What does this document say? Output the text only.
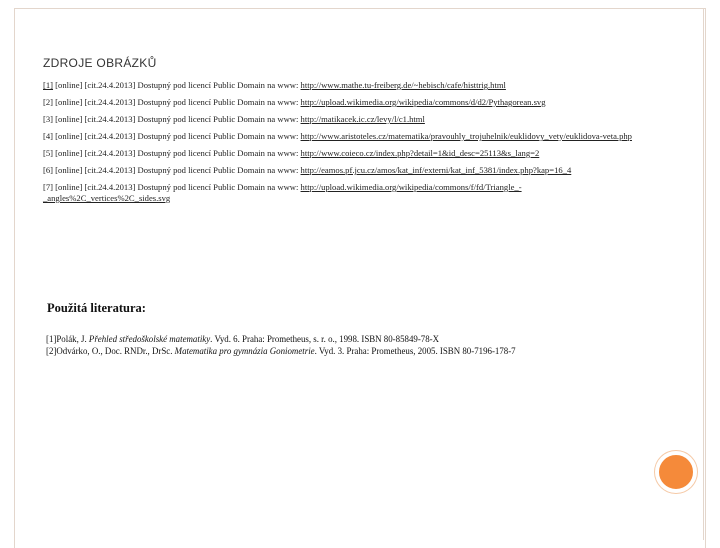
ZDROJE OBRÁZKŮ

[1] [online] [cit.24.4.2013] Dostupný pod licencí Public Domain na www: http://www.mathe.tu-freiberg.de/~hebisch/cafe/histtrig.html

[2] [online] [cit.24.4.2013] Dostupný pod licencí Public Domain na www: http://upload.wikimedia.org/wikipedia/commons/d/d2/Pythagorean.svg

[3] [online] [cit.24.4.2013] Dostupný pod licencí Public Domain na www: http://matikacek.ic.cz/levy/l/c1.html

[4] [online] [cit.24.4.2013] Dostupný pod licencí Public Domain na www: http://www.aristoteles.cz/matematika/pravouhly_trojuhelnik/euklidovy_vety/euklidova-veta.php

[5] [online] [cit.24.4.2013] Dostupný pod licencí Public Domain na www: http://www.coieco.cz/index.php?detail=1&id_desc=25113&s_lang=2

[6] [online] [cit.24.4.2013] Dostupný pod licencí Public Domain na www: http://eamos.pf.jcu.cz/amos/kat_inf/externi/kat_inf_5381/index.php?kap=16_4

[7] [online] [cit.24.4.2013] Dostupný pod licencí Public Domain na www: http://upload.wikimedia.org/wikipedia/commons/f/fd/Triangle_-_angles%2C_vertices%2C_sides.svg

Použitá literatura:

[1]Polák, J. Přehled středoškolské matematiky. Vyd. 6. Praha: Prometheus, s. r. o., 1998. ISBN 80-85849-78-X

[2]Odvárko, O., Doc. RNDr., DrSc. Matematika pro gymnázia Goniometrie. Vyd. 3. Praha: Prometheus, 2005. ISBN 80-7196-178-7
